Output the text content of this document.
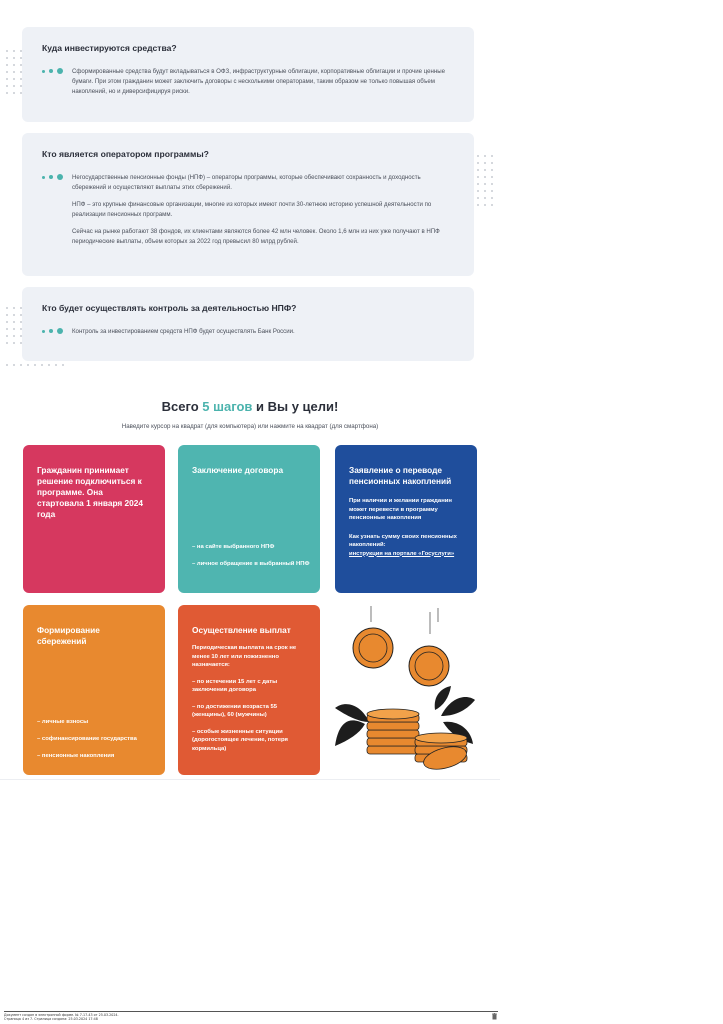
Куда инвестируются средства?

Сформированные средства будут вкладываться в ОФЗ, инфраструктурные облигации, корпоративные облигации и прочие ценные бумаги. При этом гражданин может заключить договоры с несколькими операторами, таким образом не только повышая объем накоплений, но и диверсифицируя риски.

Кто является оператором программы?

Негосударственные пенсионные фонды (НПФ) – операторы программы, которые обеспечивают сохранность и доходность сбережений и осуществляют выплаты этих сбережений.

НПФ – это крупные финансовые организации, многие из которых имеют почти 30-летнюю историю успешной деятельности по реализации пенсионных программ.

Сейчас на рынке работают 38 фондов, их клиентами являются более 42 млн человек. Около 1,6 млн из них уже получают в НПФ периодические выплаты, объем которых за 2022 год превысил 80 млрд рублей.

Кто будет осуществлять контроль за деятельностью НПФ?

Контроль за инвестированием средств НПФ будет осуществлять Банк России.

Всего 5 шагов и Вы у цели!
Наведите курсор на квадрат (для компьютера) или нажмите на квадрат (для смартфона)
Гражданин принимает решение подключиться к программе. Она стартовала 1 января 2024 года
Заключение договора
– на сайте выбранного НПФ
– личное обращение в выбранный НПФ
Заявление о переводе пенсионных накоплений
При наличии и желании гражданин может перевести в программу пенсионные накопления
Как узнать сумму своих пенсионных накоплений:
инструкция на портале «Госуслуги»
Формирование сбережений
– личные взносы
– софинансирование государства
– пенсионные накопления
Осуществление выплат
Периодическая выплата на срок не менее 10 лет или пожизненно назначается:
– по истечении 15 лет с даты заключения договора
– по достижении возраста 55 (женщины), 60 (мужчины)
– особые жизненные ситуации (дорогостоящее лечение, потеря кормильца)
Документ создан в электронной форме. № 7-17-43 от 25.03.2024.
Страница 4 из 7. Страница создана: 25.03.2024 17:48
